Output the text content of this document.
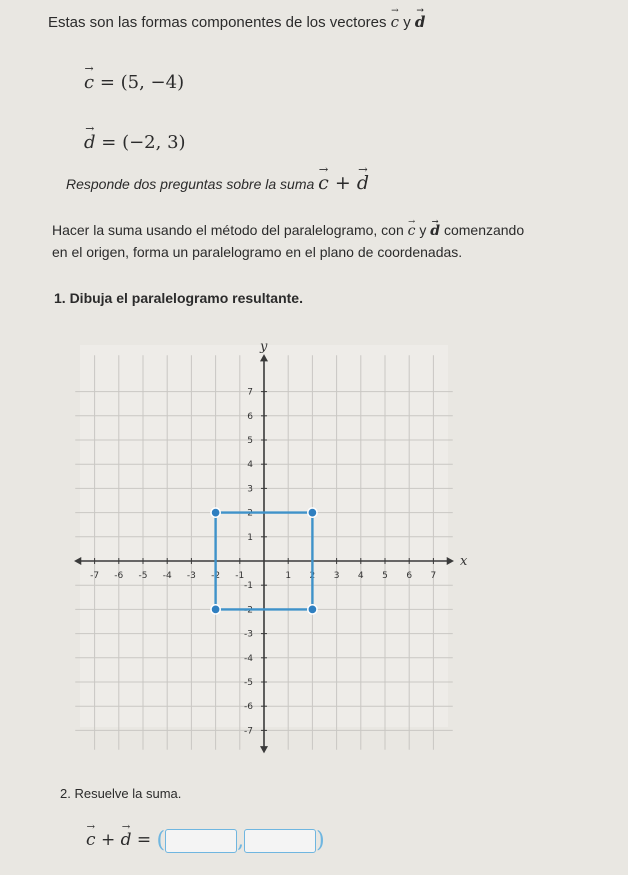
Estas son las formas componentes de los vectores → c y → d
→ c = (5, −4)
→ d = (−2, 3)
Responde dos preguntas sobre la suma → c + → d
Hacer la suma usando el método del paralelogramo, con → c y → d comenzando
en el origen, forma un paralelogramo en el plano de coordenadas.
1. Dibuja el paralelogramo resultante.
-7 -6 -5 -4 -3 -2 -1	1 2 3 4 5 6 7
7
6
5
4
3
2
1
-1
-2
-3
-4
-5
-6
-7
x
y
2. Resuelve la suma.
→ c + → d = (	,	)
